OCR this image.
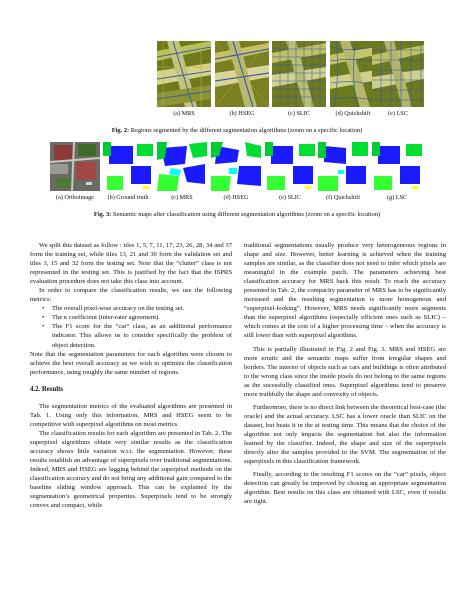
(a) MRS	(b) HSEG	(c) SLIC	(d) Quickshift	(e) LSC
Fig. 2: Regions segmented by the different segmentation algorithms (zoom on a specific location)
(a) Orthoimage	(b) Ground truth	(c) MRS	(d) HSEG	(e) SLIC	(f) Quickshift	(g) LSC
Fig. 3: Semantic maps after classification using different segmentation algorithms (zoom on a specific location)

We split this dataset as follow : tiles 1, 5, 7, 11, 17, 23, 26, 28, 34 and 37 form the training set, while tiles 13, 21 and 30 form the validation set and tiles 3, 15 and 32 form the testing set. Note that the “clutter” class is not represented in the testing set. This is justified by the fact that the ISPRS evaluation procedure does not take this class into account.

In order to compare the classification results, we use the following metrics:

• The overall pixel-wise accuracy on the testing set.
• The κ coefficient (inter-rater agreement).
• The F1 score for the “car” class, as an additional performance indicator. This allows us to consider specifically the problem of object detection.

Note that the segmentation parameters for each algorithm were chosen to achieve the best overall accuracy as we wish to optimize the classification performance, using roughly the same number of regions.

4.2. Results

The segmentation metrics of the evaluated algorithms are presented in Tab. 1. Using only this information, MRS and HSEG seem to be competitive with superpixel algorithms on most metrics.

The classification results for each algorithm are presented in Tab. 2. The superpixel algorithms obtain very similar results as the classification accuracy shows little variation w.r.t. the segmentation. However, these results establish an advantage of superpixels over traditional segmentations. Indeed, MRS and HSEG are lagging behind the superpixel methods on the classification accuracy and do not bring any additional gain compared to the baseline sliding window approach. This can be explained by the segmentation’s geometrical properties. Superpixels tend to be strongly convex and compact, while

traditional segmentations usually produce very heterogeneous regions in shape and size. However, better learning is achieved when the training samples are similar, as the classifier does not need to infer which pixels are meaningful in the example patch. The parameters achieving best classification accuracy for MRS back this result. To reach the accuracy presented in Tab. 2, the compacity parameter of MRS has to be significantly increased and the resulting segmentation is more homogenous and “superpixel-looking”. However, MRS needs significantly more segments than the superpixel algorithms (especially efficient ones such as SLIC) – which comes at the cost of a higher processing time – when the accuracy is still lower than with superpixel algorithms.

This is partially illustrated in Fig. 2 and Fig. 3. MRS and HSEG are more erratic and the semantic maps suffer from irregular shapes and borders. The interior of objects such as cars and buildings is often attributed to the wrong class since the inside pixels do not belong to the same regions as the sucessfully classified ones. Superpixel algorithms tend to preserve more truthfully the shape and convexity of objects.

Furthermore, there is no direct link between the theoretical best-case (the oracle) and the actual accuracy. LSC has a lower oracle than SLIC on the dataset, but beats it in the at testing time. This means that the choice of the algorithm not only impacts the segmentation but also the information learned by the classifier. Indeed, the shape and size of the superpixels directly alter the samples provided to the SVM. The segmentation of the superpixels in this classification framework.

Finally, according to the resulting F1 scores on the “car” pixels, object detection can greatly be improved by chosing an appropriate segmentation algorithm. Best results on this class are obtained with LSC, even if results are tight.
